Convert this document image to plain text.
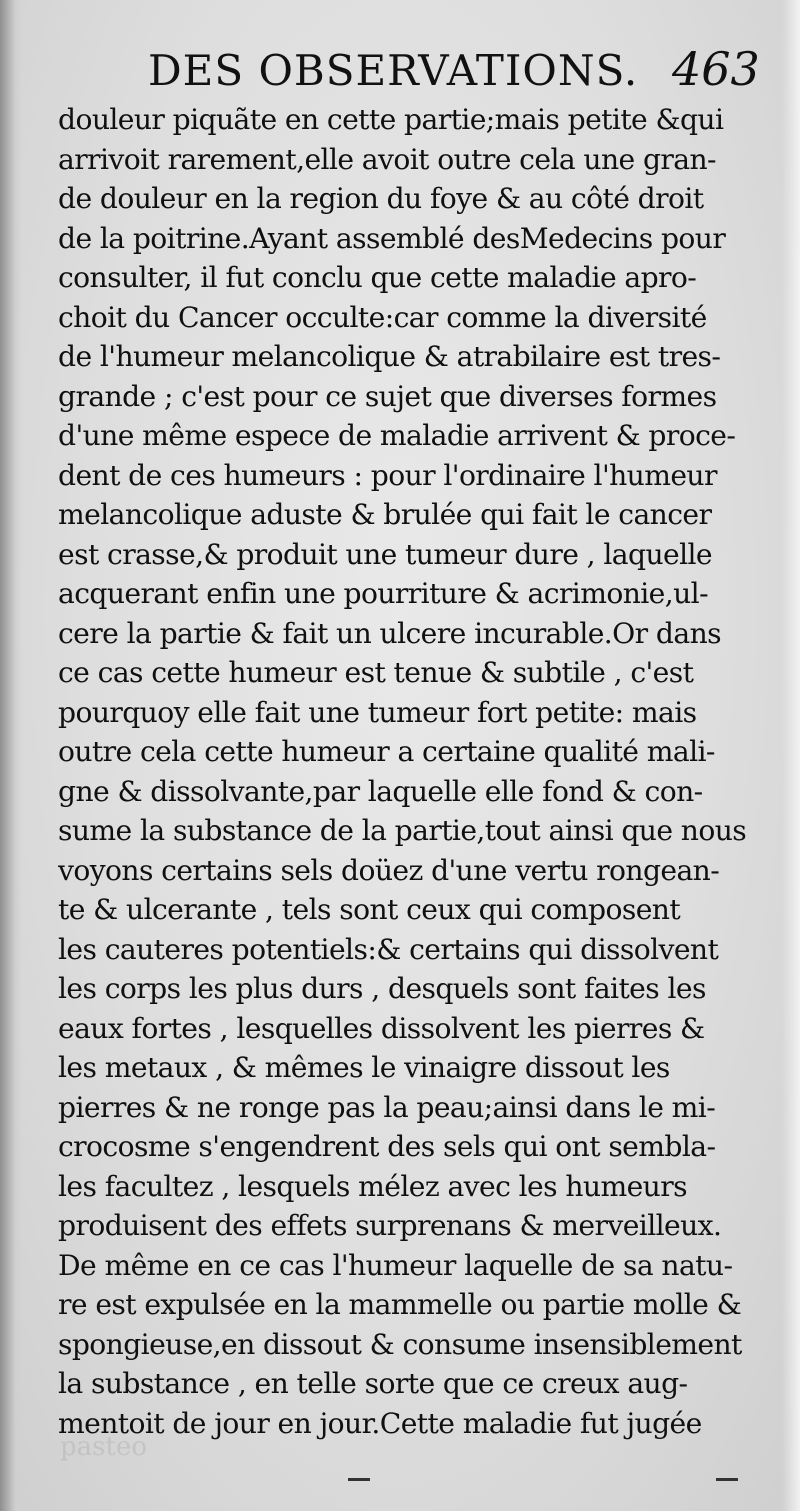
DES OBSERVATIONS. 463
douleur piquãte en cette partie;mais petite &qui
arrivoit rarement,elle avoit outre cela une gran-
de douleur en la region du foye & au côté droit
de la poitrine.Ayant assemblé desMedecins pour
consulter, il fut conclu que cette maladie apro-
choit du Cancer occulte:car comme la diversité
de l'humeur melancolique & atrabilaire est tres-
grande ; c'est pour ce sujet que diverses formes
d'une même espece de maladie arrivent & proce-
dent de ces humeurs : pour l'ordinaire l'humeur
melancolique aduste & brulée qui fait le cancer
est crasse,& produit une tumeur dure , laquelle
acquerant enfin une pourriture & acrimonie,ul-
cere la partie & fait un ulcere incurable.Or dans
ce cas cette humeur est tenue & subtile , c'est
pourquoy elle fait une tumeur fort petite: mais
outre cela cette humeur a certaine qualité mali-
gne & dissolvante,par laquelle elle fond & con-
sume la substance de la partie,tout ainsi que nous
voyons certains sels doüez d'une vertu rongean-
te & ulcerante , tels sont ceux qui composent
les cauteres potentiels:& certains qui dissolvent
les corps les plus durs , desquels sont faites les
eaux fortes , lesquelles dissolvent les pierres &
les metaux , & mêmes le vinaigre dissout les
pierres & ne ronge pas la peau;ainsi dans le mi-
crocosme s'engendrent des sels qui ont sembla-
les facultez , lesquels mélez avec les humeurs
produisent des effets surprenans & merveilleux.
De même en ce cas l'humeur laquelle de sa natu-
re est expulsée en la mammelle ou partie molle &
spongieuse,en dissout & consume insensiblement
la substance , en telle sorte que ce creux aug-
mentoit de jour en jour.Cette maladie fut jugée
pasteo
